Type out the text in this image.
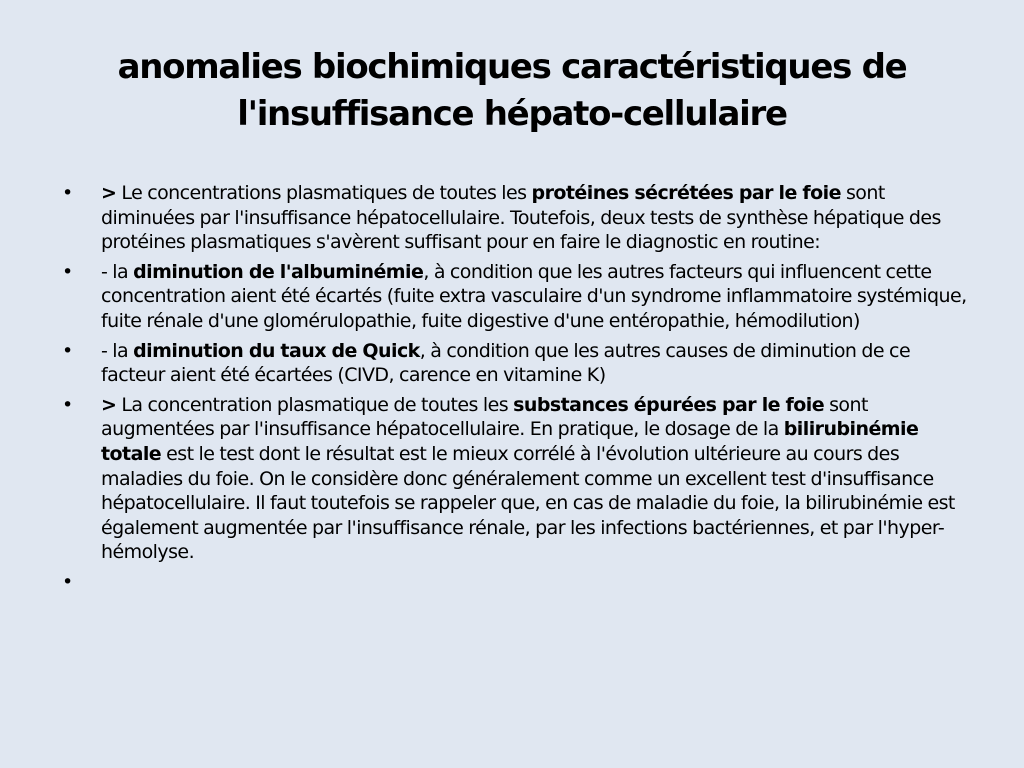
anomalies biochimiques caractéristiques de
l'insuffisance hépato-cellulaire
•	> Le concentrations plasmatiques de toutes les protéines sécrétées par le foie sont diminuées par l'insuffisance hépatocellulaire. Toutefois, deux tests de synthèse hépatique des protéines plasmatiques s'avèrent suffisant pour en faire le diagnostic en routine:
•	- la diminution de l'albuminémie, à condition que les autres facteurs qui influencent cette concentration aient été écartés (fuite extra vasculaire d'un syndrome inflammatoire systémique, fuite rénale d'une glomérulopathie, fuite digestive d'une entéropathie, hémodilution)
•	- la diminution du taux de Quick, à condition que les autres causes de diminution de ce facteur aient été écartées (CIVD, carence en vitamine K)
•	> La concentration plasmatique de toutes les substances épurées par le foie sont augmentées par l'insuffisance hépatocellulaire. En pratique, le dosage de la bilirubinémie totale est le test dont le résultat est le mieux corrélé à l'évolution ultérieure au cours des maladies du foie. On le considère donc généralement comme un excellent test d'insuffisance hépatocellulaire. Il faut toutefois se rappeler que, en cas de maladie du foie, la bilirubinémie est également augmentée par l'insuffisance rénale, par les infections bactériennes, et par l'hyper-hémolyse.
•
